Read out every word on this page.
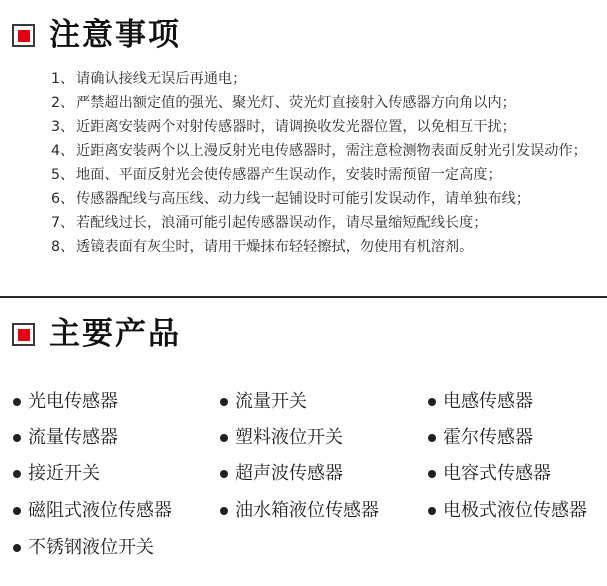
注意事项
1、 请确认接线无误后再通电；
2、 严禁超出额定值的强光、聚光灯、荧光灯直接射入传感器方向角以内；
3、 近距离安装两个对射传感器时，请调换收发光器位置，以免相互干扰；
4、 近距离安装两个以上漫反射光电传感器时，需注意检测物表面反射光引发误动作；
5、 地面、平面反射光会使传感器产生误动作，安装时需预留一定高度；
6、 传感器配线与高压线、动力线一起铺设时可能引发误动作，请单独布线；
7、 若配线过长，浪涌可能引起传感器误动作，请尽量缩短配线长度；
8、 透镜表面有灰尘时，请用干燥抹布轻轻擦拭，勿使用有机溶剂。
主要产品
光电传感器	流量开关	电感传感器
流量传感器	塑料液位开关	霍尔传感器
接近开关	超声波传感器	电容式传感器
磁阻式液位传感器	油水箱液位传感器	电极式液位传感器
不锈钢液位开关
